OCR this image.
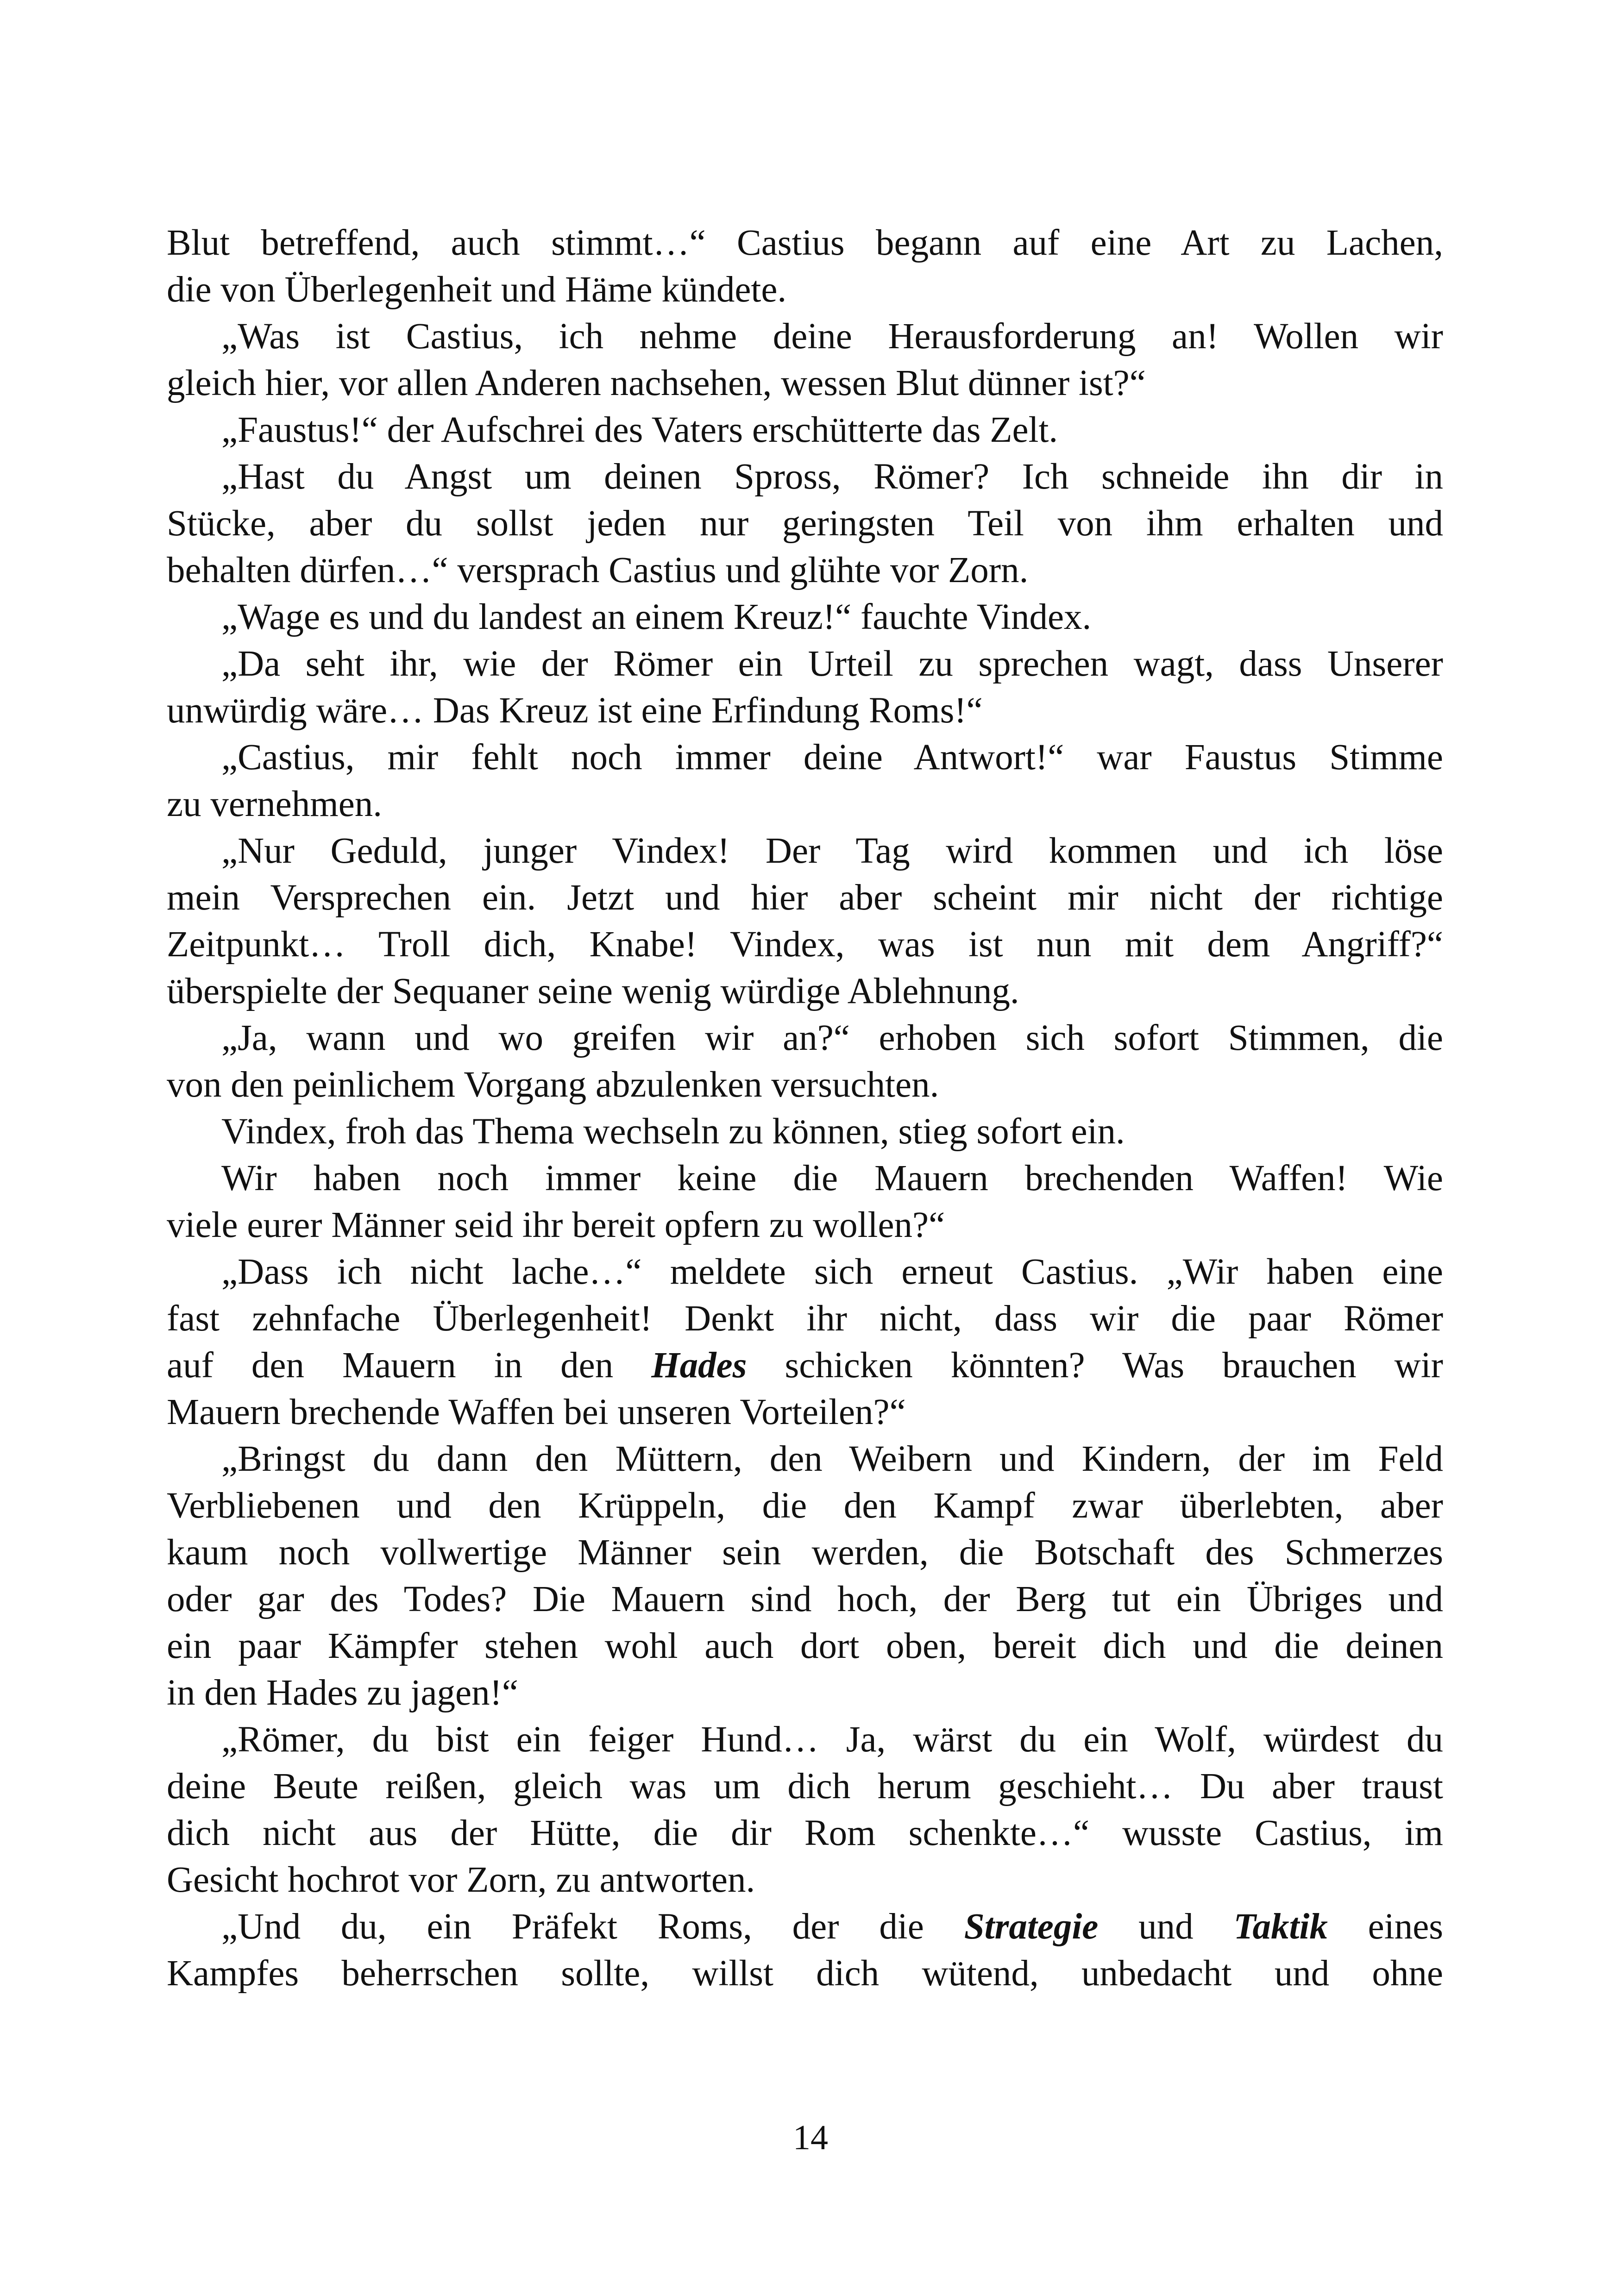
Blut betreffend, auch stimmt…“ Castius begann auf eine Art zu Lachen,
die von Überlegenheit und Häme kündete.
„Was ist Castius, ich nehme deine Herausforderung an! Wollen wir
gleich hier, vor allen Anderen nachsehen, wessen Blut dünner ist?“
„Faustus!“ der Aufschrei des Vaters erschütterte das Zelt.
„Hast du Angst um deinen Spross, Römer? Ich schneide ihn dir in
Stücke, aber du sollst jeden nur geringsten Teil von ihm erhalten und
behalten dürfen…“ versprach Castius und glühte vor Zorn.
„Wage es und du landest an einem Kreuz!“ fauchte Vindex.
„Da seht ihr, wie der Römer ein Urteil zu sprechen wagt, dass Unserer
unwürdig wäre… Das Kreuz ist eine Erfindung Roms!“
„Castius, mir fehlt noch immer deine Antwort!“ war Faustus Stimme
zu vernehmen.
„Nur Geduld, junger Vindex! Der Tag wird kommen und ich löse
mein Versprechen ein. Jetzt und hier aber scheint mir nicht der richtige
Zeitpunkt… Troll dich, Knabe! Vindex, was ist nun mit dem Angriff?“
überspielte der Sequaner seine wenig würdige Ablehnung.
„Ja, wann und wo greifen wir an?“ erhoben sich sofort Stimmen, die
von den peinlichem Vorgang abzulenken versuchten.
Vindex, froh das Thema wechseln zu können, stieg sofort ein.
Wir haben noch immer keine die Mauern brechenden Waffen! Wie
viele eurer Männer seid ihr bereit opfern zu wollen?“
„Dass ich nicht lache…“ meldete sich erneut Castius. „Wir haben eine
fast zehnfache Überlegenheit! Denkt ihr nicht, dass wir die paar Römer
auf den Mauern in den Hades schicken könnten? Was brauchen wir
Mauern brechende Waffen bei unseren Vorteilen?“
„Bringst du dann den Müttern, den Weibern und Kindern, der im Feld
Verbliebenen und den Krüppeln, die den Kampf zwar überlebten, aber
kaum noch vollwertige Männer sein werden, die Botschaft des Schmerzes
oder gar des Todes? Die Mauern sind hoch, der Berg tut ein Übriges und
ein paar Kämpfer stehen wohl auch dort oben, bereit dich und die deinen
in den Hades zu jagen!“
„Römer, du bist ein feiger Hund… Ja, wärst du ein Wolf, würdest du
deine Beute reißen, gleich was um dich herum geschieht… Du aber traust
dich nicht aus der Hütte, die dir Rom schenkte…“ wusste Castius, im
Gesicht hochrot vor Zorn, zu antworten.
„Und du, ein Präfekt Roms, der die Strategie und Taktik eines
Kampfes beherrschen sollte, willst dich wütend, unbedacht und ohne
14
